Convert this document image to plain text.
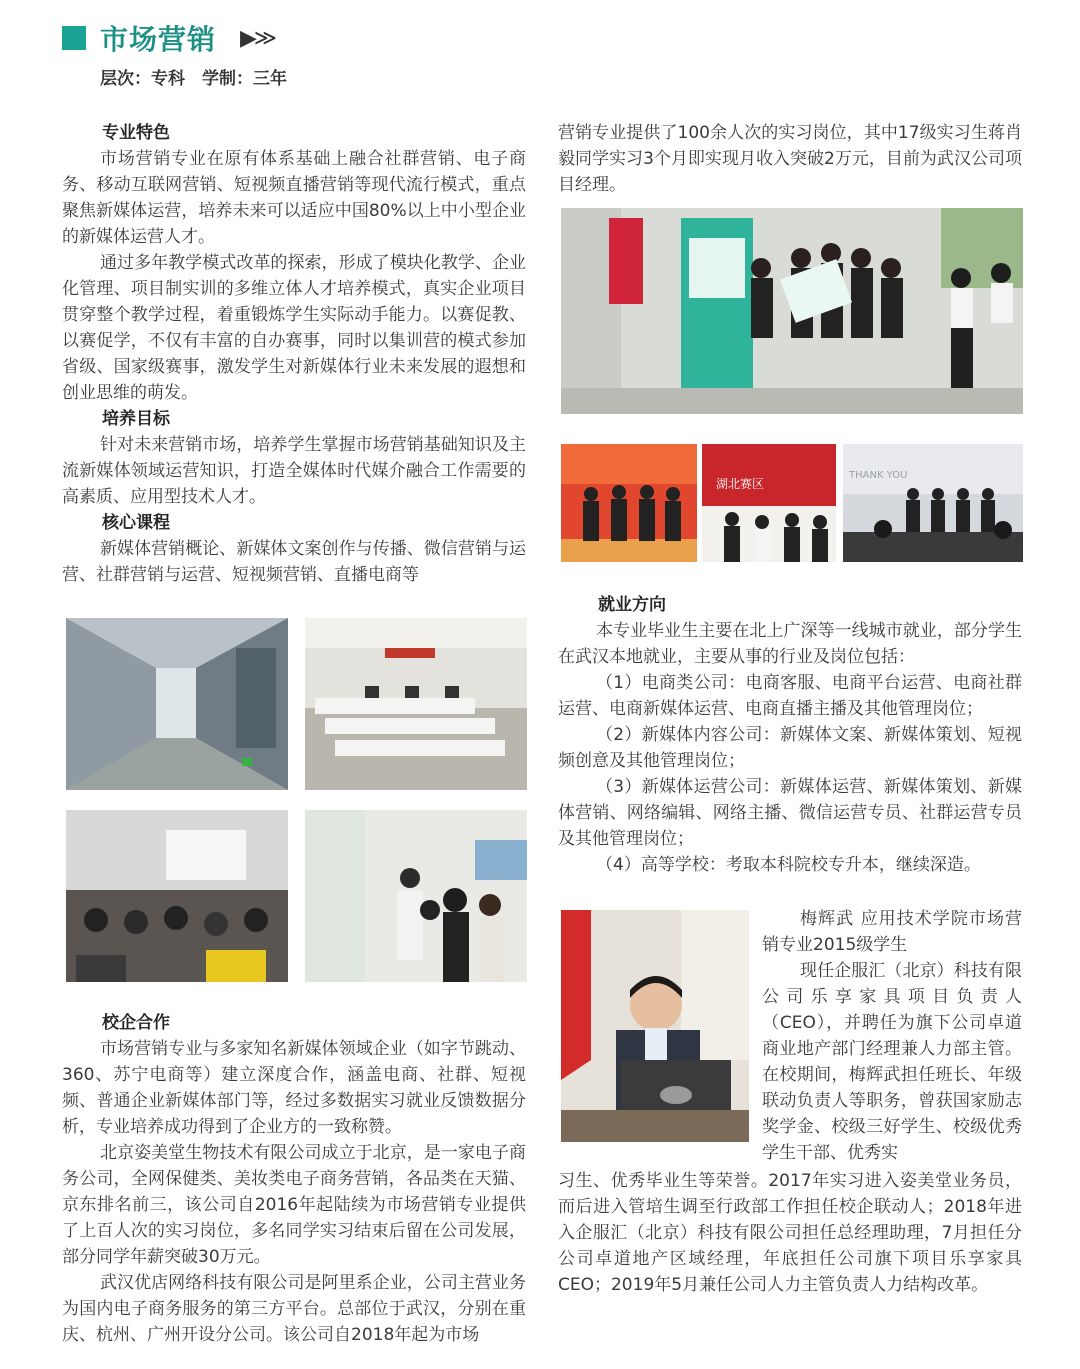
市场营销 ▶≫
层次：专科　学制：三年

专业特色

市场营销专业在原有体系基础上融合社群营销、电子商务、移动互联网营销、短视频直播营销等现代流行模式，重点聚焦新媒体运营，培养未来可以适应中国80%以上中小型企业的新媒体运营人才。

通过多年教学模式改革的探索，形成了模块化教学、企业化管理、项目制实训的多维立体人才培养模式，真实企业项目贯穿整个教学过程，着重锻炼学生实际动手能力。以赛促教、以赛促学，不仅有丰富的自办赛事，同时以集训营的模式参加省级、国家级赛事，激发学生对新媒体行业未来发展的遐想和创业思维的萌发。

培养目标

针对未来营销市场，培养学生掌握市场营销基础知识及主流新媒体领域运营知识，打造全媒体时代媒介融合工作需要的高素质、应用型技术人才。

核心课程

新媒体营销概论、新媒体文案创作与传播、微信营销与运营、社群营销与运营、短视频营销、直播电商等

校企合作

市场营销专业与多家知名新媒体领域企业（如字节跳动、360、苏宁电商等）建立深度合作，涵盖电商、社群、短视频、普通企业新媒体部门等，经过多数据实习就业反馈数据分析，专业培养成功得到了企业方的一致称赞。

北京姿美堂生物技术有限公司成立于北京，是一家电子商务公司，全网保健类、美妆类电子商务营销，各品类在天猫、京东排名前三，该公司自2016年起陆续为市场营销专业提供了上百人次的实习岗位，多名同学实习结束后留在公司发展，部分同学年薪突破30万元。

武汉优店网络科技有限公司是阿里系企业，公司主营业务为国内电子商务服务的第三方平台。总部位于武汉，分别在重庆、杭州、广州开设分公司。该公司自2018年起为市场

营销专业提供了100余人次的实习岗位，其中17级实习生蒋肖毅同学实习3个月即实现月收入突破2万元，目前为武汉公司项目经理。

湖北赛区
THANK YOU

就业方向

本专业毕业生主要在北上广深等一线城市就业，部分学生在武汉本地就业，主要从事的行业及岗位包括：

（1）电商类公司：电商客服、电商平台运营、电商社群运营、电商新媒体运营、电商直播主播及其他管理岗位；

（2）新媒体内容公司：新媒体文案、新媒体策划、短视频创意及其他管理岗位；

（3）新媒体运营公司：新媒体运营、新媒体策划、新媒体营销、网络编辑、网络主播、微信运营专员、社群运营专员及其他管理岗位；

（4）高等学校：考取本科院校专升本，继续深造。

梅辉武 应用技术学院市场营销专业2015级学生

现任企服汇（北京）科技有限公司乐享家具项目负责人（CEO），并聘任为旗下公司卓道商业地产部门经理兼人力部主管。在校期间，梅辉武担任班长、年级联动负责人等职务，曾获国家励志奖学金、校级三好学生、校级优秀学生干部、优秀实

习生、优秀毕业生等荣誉。2017年实习进入姿美堂业务员，而后进入管培生调至行政部工作担任校企联动人；2018年进入企服汇（北京）科技有限公司担任总经理助理，7月担任分公司卓道地产区域经理，年底担任公司旗下项目乐享家具CEO；2019年5月兼任公司人力主管负责人力结构改革。
